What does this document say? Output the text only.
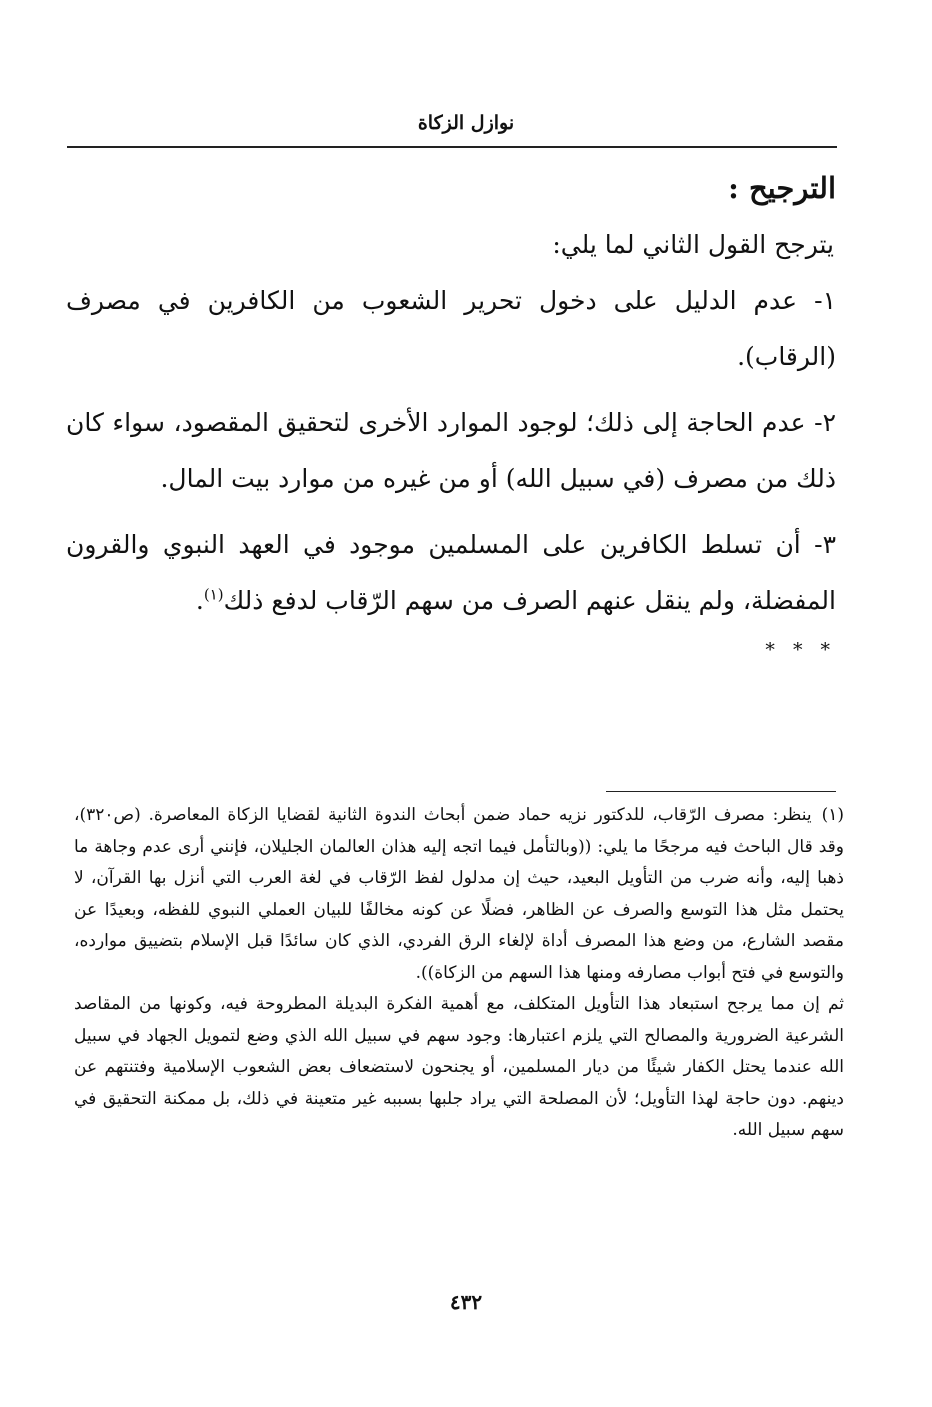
نوازل الزكاة
الترجيح :

يترجح القول الثاني لما يلي:

١- عدم الدليل على دخول تحرير الشعوب من الكافرين في مصرف (الرقاب).

٢- عدم الحاجة إلى ذلك؛ لوجود الموارد الأخرى لتحقيق المقصود، سواء كان ذلك من مصرف (في سبيل الله) أو من غيره من موارد بيت المال.

٣- أن تسلط الكافرين على المسلمين موجود في العهد النبوي والقرون المفضلة، ولم ينقل عنهم الصرف من سهم الرّقاب لدفع ذلك$^{(١)}$.

* * *

(١)ينظر: مصرف الرّقاب، للدكتور نزيه حماد ضمن أبحاث الندوة الثانية لقضايا الزكاة المعاصرة. (ص٣٢٠)، وقد قال الباحث فيه مرجحًا ما يلي: ((وبالتأمل فيما اتجه إليه هذان العالمان الجليلان، فإنني أرى عدم وجاهة ما ذهبا إليه، وأنه ضرب من التأويل البعيد، حيث إن مدلول لفظ الرّقاب في لغة العرب التي أنزل بها القرآن، لا يحتمل مثل هذا التوسع والصرف عن الظاهر، فضلًا عن كونه مخالفًا للبيان العملي النبوي للفظه، وبعيدًا عن مقصد الشارع، من وضع هذا المصرف أداة لإلغاء الرق الفردي، الذي كان سائدًا قبل الإسلام بتضييق موارده، والتوسع في فتح أبواب مصارفه ومنها هذا السهم من الزكاة)).

ثم إن مما يرجح استبعاد هذا التأويل المتكلف، مع أهمية الفكرة البديلة المطروحة فيه، وكونها من المقاصد الشرعية الضرورية والمصالح التي يلزم اعتبارها: وجود سهم في سبيل الله الذي وضع لتمويل الجهاد في سبيل الله عندما يحتل الكفار شيئًا من ديار المسلمين، أو يجنحون لاستضعاف بعض الشعوب الإسلامية وفتنتهم عن دينهم. دون حاجة لهذا التأويل؛ لأن المصلحة التي يراد جلبها بسببه غير متعينة في ذلك، بل ممكنة التحقيق في سهم سبيل الله.

٤٣٢
